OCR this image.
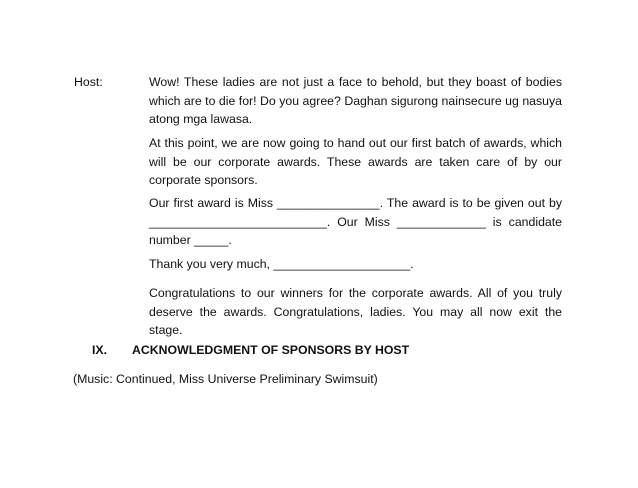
Host:	Wow! These ladies are not just a face to behold, but they boast of bodies which are to die for! Do you agree? Daghan sigurong nainsecure ug nasuya atong mga lawasa.

At this point, we are now going to hand out our first batch of awards, which will be our corporate awards. These awards are taken care of by our corporate sponsors.

Our first award is Miss _______________. The award is to be given out by __________________________. Our Miss _____________ is candidate number _____.

Thank you very much, ____________________.

Congratulations to our winners for the corporate awards. All of you truly deserve the awards. Congratulations, ladies. You may all now exit the stage.

IX. ACKNOWLEDGMENT OF SPONSORS BY HOST
(Music: Continued, Miss Universe Preliminary Swimsuit)
